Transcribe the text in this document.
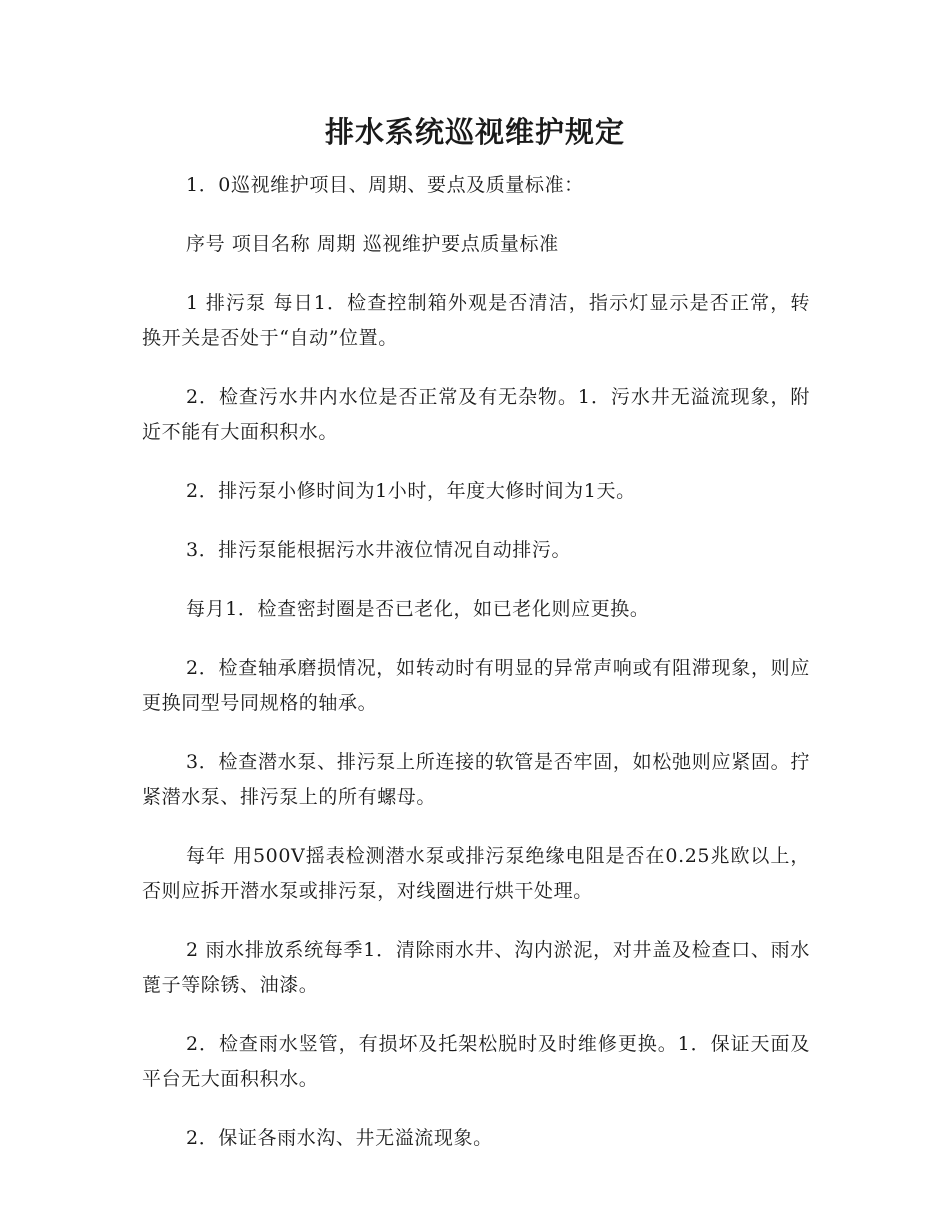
排水系统巡视维护规定

1．0巡视维护项目、周期、要点及质量标准：

序号 项目名称 周期 巡视维护要点质量标准

1 排污泵 每日1．检查控制箱外观是否清洁，指示灯显示是否正常，转换开关是否处于“自动”位置。

2．检查污水井内水位是否正常及有无杂物。1．污水井无溢流现象，附近不能有大面积积水。

2．排污泵小修时间为1小时，年度大修时间为1天。

3．排污泵能根据污水井液位情况自动排污。

每月1．检查密封圈是否已老化，如已老化则应更换。

2．检查轴承磨损情况，如转动时有明显的异常声响或有阻滞现象，则应更换同型号同规格的轴承。

3．检查潜水泵、排污泵上所连接的软管是否牢固，如松弛则应紧固。拧紧潜水泵、排污泵上的所有螺母。

每年 用500V摇表检测潜水泵或排污泵绝缘电阻是否在0.25兆欧以上，否则应拆开潜水泵或排污泵，对线圈进行烘干处理。

2 雨水排放系统每季1．清除雨水井、沟内淤泥，对井盖及检查口、雨水蓖子等除锈、油漆。

2．检查雨水竖管，有损坏及托架松脱时及时维修更换。1．保证天面及平台无大面积积水。

2．保证各雨水沟、井无溢流现象。
